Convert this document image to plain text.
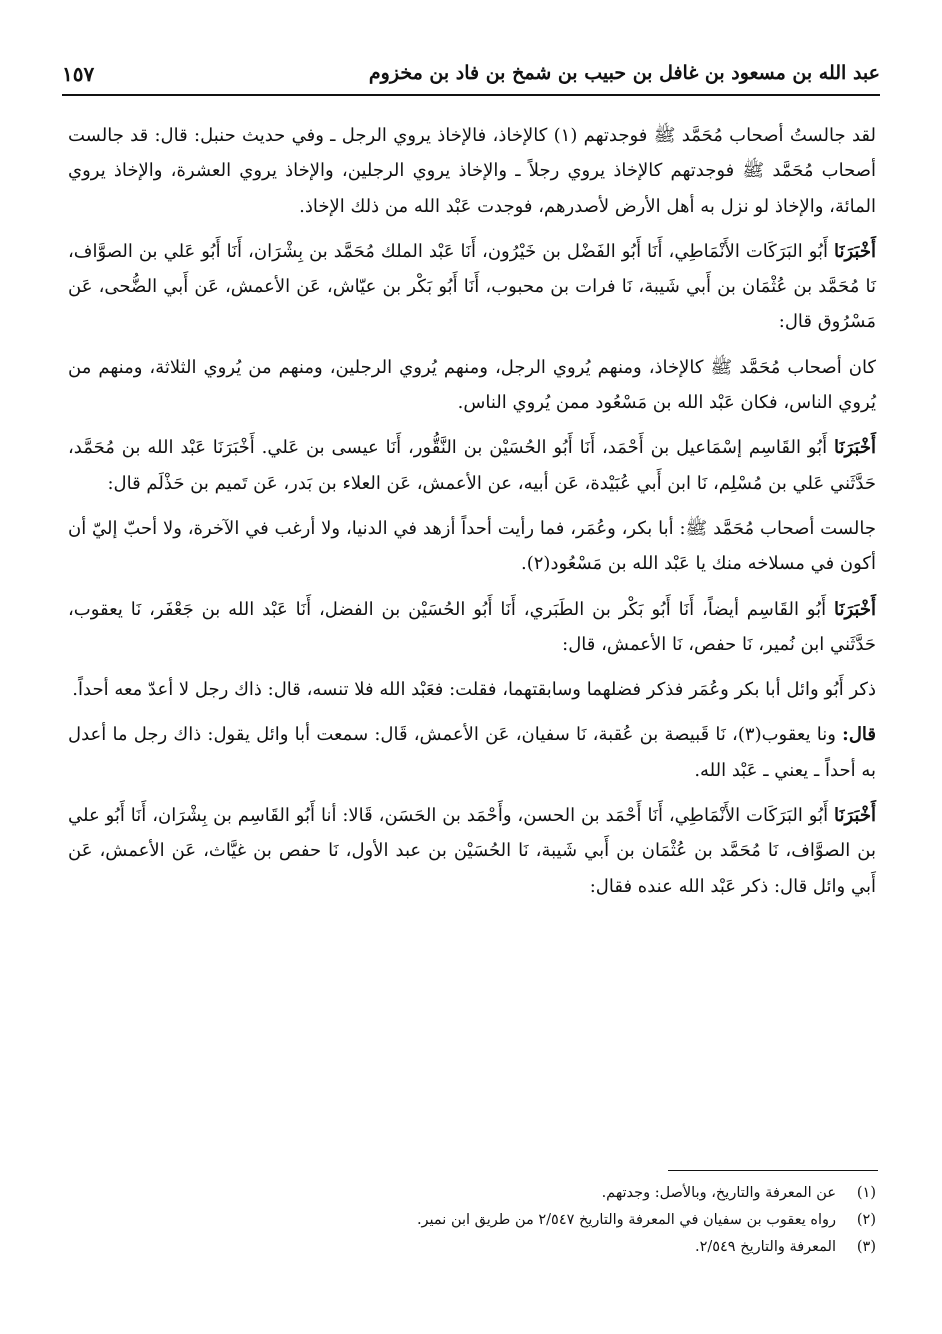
عبد الله بن مسعود بن غافل بن حبيب بن شمخ بن فاد بن مخزوم
١٥٧

لقد جالستُ أصحاب مُحَمَّد ﷺ فوجدتهم (١) كالإخاذ، فالإخاذ يروي الرجل ـ وفي حديث حنبل: قال: قد جالست أصحاب مُحَمَّد ﷺ فوجدتهم كالإخاذ يروي رجلاً ـ والإخاذ يروي الرجلين، والإخاذ يروي العشرة، والإخاذ يروي المائة، والإخاذ لو نزل به أهل الأرض لأصدرهم، فوجدت عَبْد الله من ذلك الإخاذ.

أَخْبَرَنَا أَبُو البَرَكَات الأَنْمَاطِي، أَنَا أَبُو الفَضْل بن خَيْرُون، أَنَا عَبْد الملك مُحَمَّد بن بِشْرَان، أَنَا أَبُو عَلي بن الصوَّاف، نَا مُحَمَّد بن عُثْمَان بن أَبي شَيبة، نَا فرات بن محبوب، أَنَا أَبُو بَكْر بن عيّاش، عَن الأعمش، عَن أَبي الضُّحى، عَن مَسْرُوق قال:

كان أصحاب مُحَمَّد ﷺ كالإخاذ، ومنهم يُروي الرجل، ومنهم يُروي الرجلين، ومنهم من يُروي الثلاثة، ومنهم من يُروي الناس، فكان عَبْد الله بن مَسْعُود ممن يُروي الناس.

أَخْبَرَنَا أَبُو القَاسِم إسْمَاعيل بن أَحْمَد، أَنَا أَبُو الحُسَيْن بن النَّقُّور، أَنَا عيسى بن عَلي. أَخْبَرَنَا عَبْد الله بن مُحَمَّد، حَدَّثَني عَلي بن مُسْلِم، نَا ابن أَبي عُبَيْدة، عَن أبيه، عن الأعمش، عَن العلاء بن بَدر، عَن تَميم بن حَذْلَم قال:

جالست أصحاب مُحَمَّد ﷺ: أبا بكر، وعُمَر، فما رأيت أحداً أزهد في الدنيا، ولا أرغب في الآخرة، ولا أحبّ إليّ أن أكون في مسلاخه منك يا عَبْد الله بن مَسْعُود(٢).

أَخْبَرَنَا أَبُو القَاسِم أيضاً، أَنَا أَبُو بَكْر بن الطَبَري، أَنَا أَبُو الحُسَيْن بن الفضل، أَنَا عَبْد الله بن جَعْفَر، نَا يعقوب، حَدَّثَني ابن نُمير، نَا حفص، نَا الأعمش، قال:

ذكر أَبُو وائل أبا بكر وعُمَر فذكر فضلهما وسابقتهما، فقلت: فعَبْد الله فلا تنسه، قال: ذاك رجل لا أعدّ معه أحداً.

قال: ونا يعقوب(٣)، نَا قَبيصة بن عُقبة، نَا سفيان، عَن الأعمش، قَال: سمعت أبا وائل يقول: ذاك رجل ما أعدل به أحداً ـ يعني ـ عَبْد الله.

أَخْبَرَنَا أَبُو البَرَكَات الأَنْمَاطِي، أَنَا أَحْمَد بن الحسن، وأَحْمَد بن الحَسَن، قَالا: أنا أَبُو القَاسِم بن بِشْرَان، أَنَا أَبُو علي بن الصوَّاف، نَا مُحَمَّد بن عُثْمَان بن أَبي شَيبة، نَا الحُسَيْن بن عبد الأول، نَا حفص بن غيَّاث، عَن الأعمش، عَن أَبي وائل قال: ذكر عَبْد الله عنده فقال:

(١)عن المعرفة والتاريخ، وبالأصل: وجدتهم.
(٢)رواه يعقوب بن سفيان في المعرفة والتاريخ ٢/٥٤٧ من طريق ابن نمير.
(٣)المعرفة والتاريخ ٢/٥٤٩.
